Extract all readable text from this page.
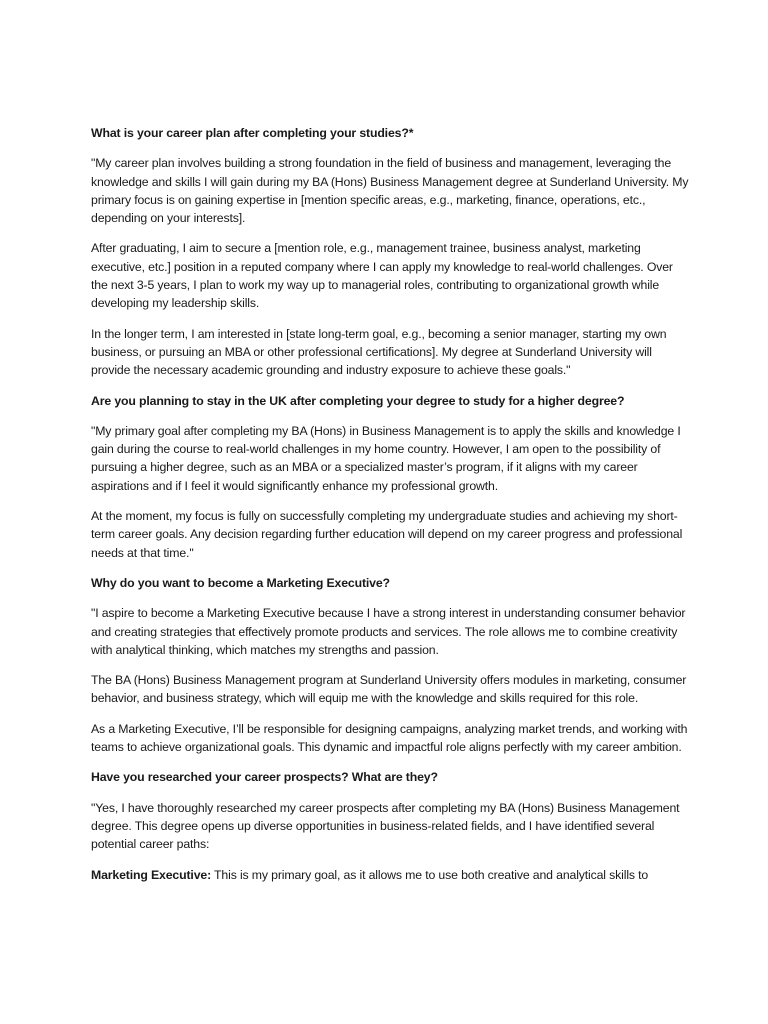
What is your career plan after completing your studies?*

"My career plan involves building a strong foundation in the field of business and management, leveraging the knowledge and skills I will gain during my BA (Hons) Business Management degree at Sunderland University. My primary focus is on gaining expertise in [mention specific areas, e.g., marketing, finance, operations, etc., depending on your interests].

After graduating, I aim to secure a [mention role, e.g., management trainee, business analyst, marketing executive, etc.] position in a reputed company where I can apply my knowledge to real-world challenges. Over the next 3-5 years, I plan to work my way up to managerial roles, contributing to organizational growth while developing my leadership skills.

In the longer term, I am interested in [state long-term goal, e.g., becoming a senior manager, starting my own business, or pursuing an MBA or other professional certifications]. My degree at Sunderland University will provide the necessary academic grounding and industry exposure to achieve these goals."

Are you planning to stay in the UK after completing your degree to study for a higher degree?

"My primary goal after completing my BA (Hons) in Business Management is to apply the skills and knowledge I gain during the course to real-world challenges in my home country. However, I am open to the possibility of pursuing a higher degree, such as an MBA or a specialized master’s program, if it aligns with my career aspirations and if I feel it would significantly enhance my professional growth.

At the moment, my focus is fully on successfully completing my undergraduate studies and achieving my short-term career goals. Any decision regarding further education will depend on my career progress and professional needs at that time."

Why do you want to become a Marketing Executive?

"I aspire to become a Marketing Executive because I have a strong interest in understanding consumer behavior and creating strategies that effectively promote products and services. The role allows me to combine creativity with analytical thinking, which matches my strengths and passion.

The BA (Hons) Business Management program at Sunderland University offers modules in marketing, consumer behavior, and business strategy, which will equip me with the knowledge and skills required for this role.

As a Marketing Executive, I’ll be responsible for designing campaigns, analyzing market trends, and working with teams to achieve organizational goals. This dynamic and impactful role aligns perfectly with my career ambition.

Have you researched your career prospects? What are they?

"Yes, I have thoroughly researched my career prospects after completing my BA (Hons) Business Management degree. This degree opens up diverse opportunities in business-related fields, and I have identified several potential career paths:

Marketing Executive: This is my primary goal, as it allows me to use both creative and analytical skills to
